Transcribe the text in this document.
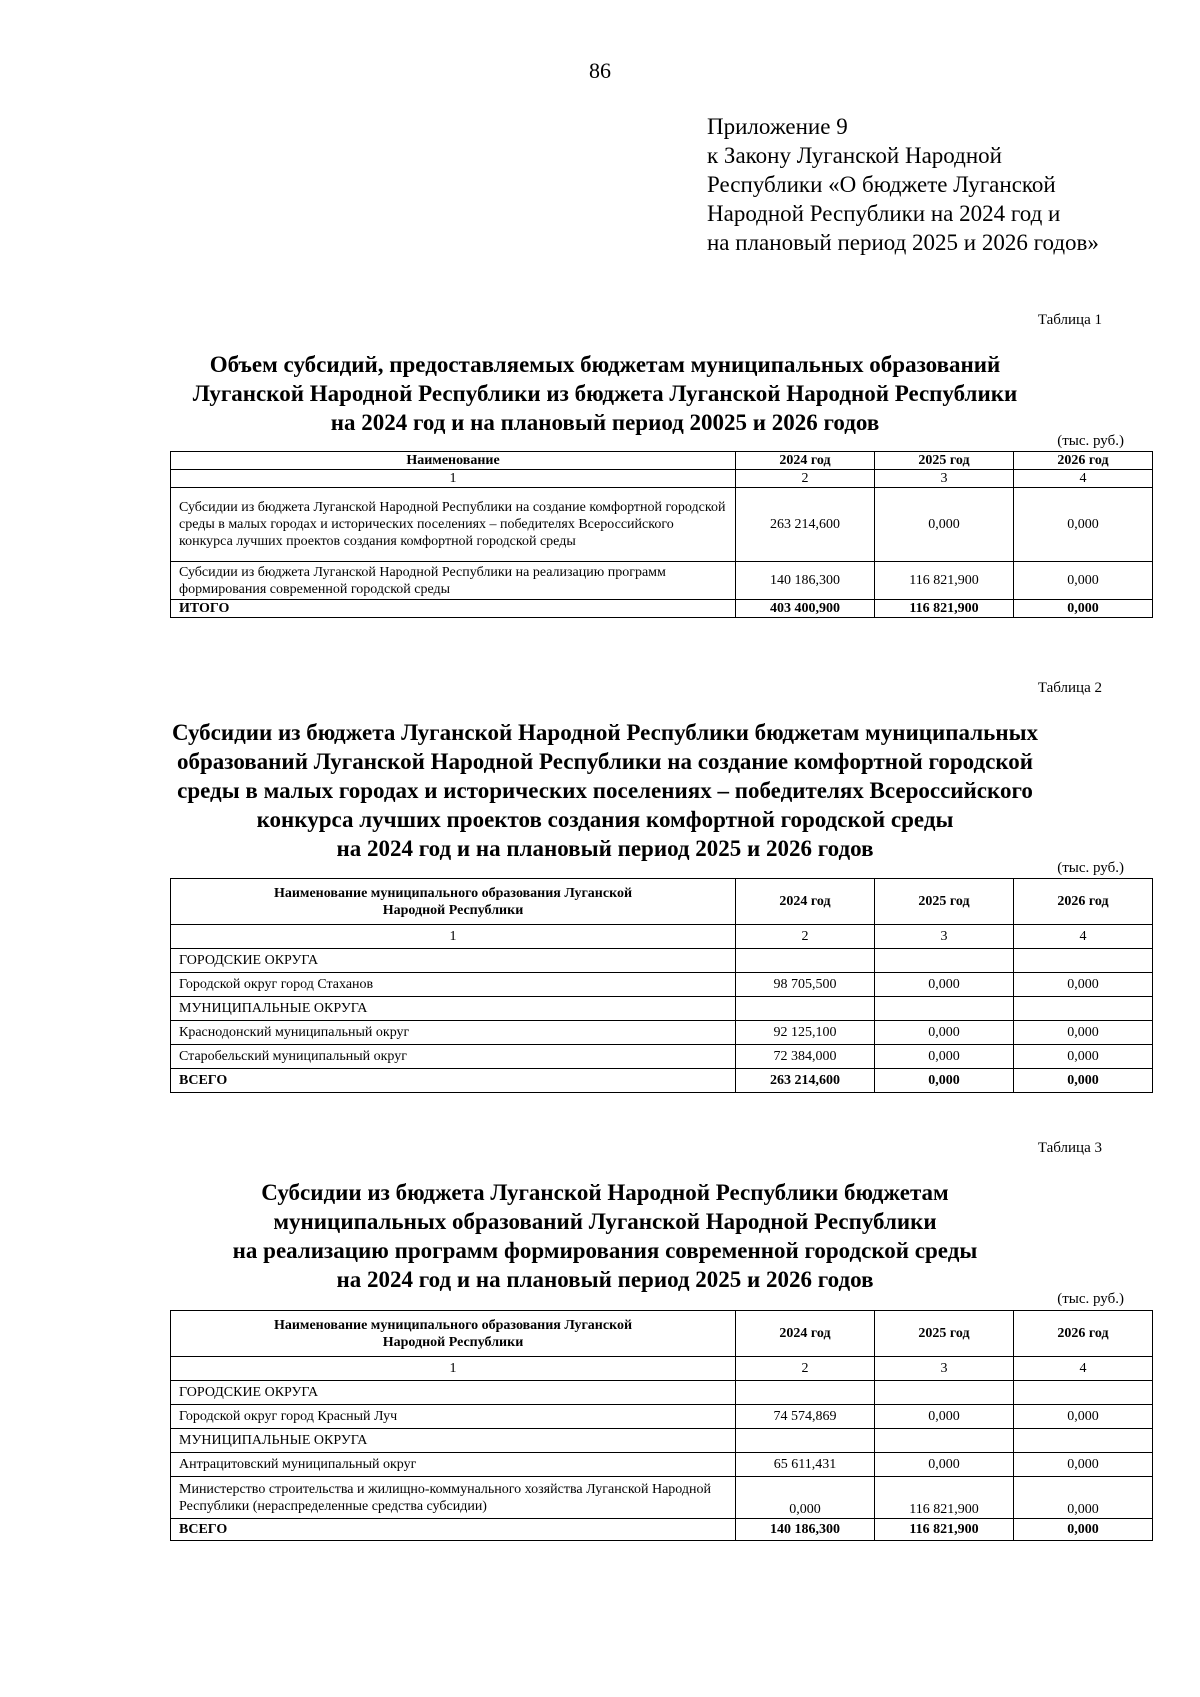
86
Приложение 9
к Закону Луганской Народной
Республики «О бюджете Луганской
Народной Республики на 2024 год и
на плановый период 2025 и 2026 годов»
Таблица 1
Объем субсидий, предоставляемых бюджетам муниципальных образований
Луганской Народной Республики из бюджета Луганской Народной Республики
на 2024 год и на плановый период 20025 и 2026 годов
(тыс. руб.)
Наименование	2024 год	2025 год	2026 год
1	2	3	4
Субсидии из бюджета Луганской Народной Республики на создание комфортной городской среды в малых городах и исторических поселениях – победителях Всероссийского конкурса лучших проектов создания комфортной городской среды	263 214,600	0,000	0,000
Субсидии из бюджета Луганской Народной Республики на реализацию программ формирования современной городской среды	140 186,300	116 821,900	0,000
ИТОГО	403 400,900	116 821,900	0,000
Таблица 2
Субсидии из бюджета Луганской Народной Республики бюджетам муниципальных
образований Луганской Народной Республики на создание комфортной городской
среды в малых городах и исторических поселениях – победителях Всероссийского
конкурса лучших проектов создания комфортной городской среды
на 2024 год и на плановый период 2025 и 2026 годов
(тыс. руб.)
Наименование муниципального образования Луганской Народной Республики	2024 год	2025 год	2026 год
1	2	3	4
ГОРОДСКИЕ ОКРУГА			
Городской округ город Стаханов	98 705,500	0,000	0,000
МУНИЦИПАЛЬНЫЕ ОКРУГА			
Краснодонский муниципальный округ	92 125,100	0,000	0,000
Старобельский муниципальный округ	72 384,000	0,000	0,000
ВСЕГО	263 214,600	0,000	0,000
Таблица 3
Субсидии из бюджета Луганской Народной Республики бюджетам
муниципальных образований Луганской Народной Республики
на реализацию программ формирования современной городской среды
на 2024 год и на плановый период 2025 и 2026 годов
(тыс. руб.)
Наименование муниципального образования Луганской Народной Республики	2024 год	2025 год	2026 год
1	2	3	4
ГОРОДСКИЕ ОКРУГА			
Городской округ город Красный Луч	74 574,869	0,000	0,000
МУНИЦИПАЛЬНЫЕ ОКРУГА			
Антрацитовский муниципальный округ	65 611,431	0,000	0,000
Министерство строительства и жилищно-коммунального хозяйства Луганской Народной Республики (нераспределенные средства субсидии)	0,000	116 821,900	0,000
ВСЕГО	140 186,300	116 821,900	0,000
